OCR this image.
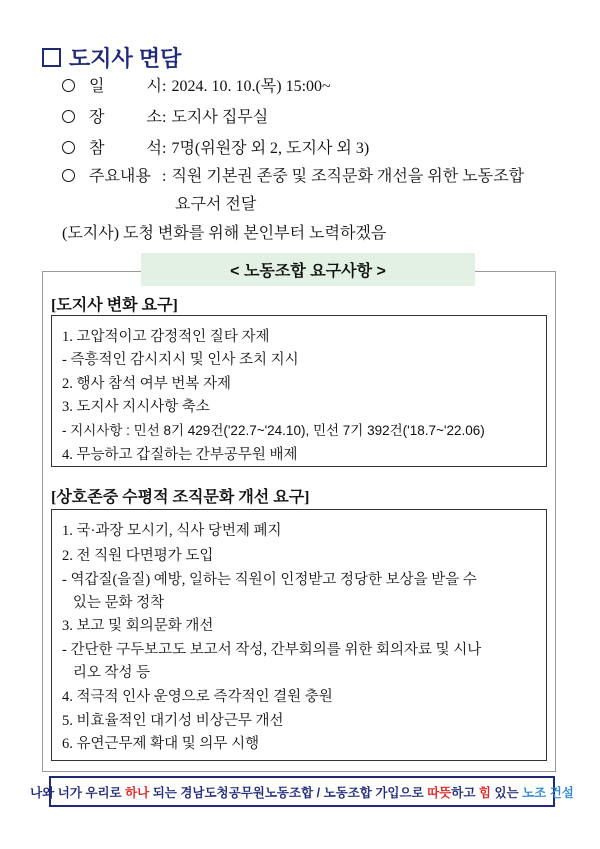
도지사 면담
일	시 : 2024. 10. 10.(목) 15:00~
장	소 : 도지사 집무실
참	석 : 7명(위원장 외 2, 도지사 외 3)
주요내용 : 직원 기본권 존중 및 조직문화 개선을 위한 노동조합
요구서 전달
(도지사) 도청 변화를 위해 본인부터 노력하겠음
< 노동조합 요구사항 >
[도지사 변화 요구]
1. 고압적이고 감정적인 질타 자제
- 즉흥적인 감시지시 및 인사 조치 지시
2. 행사 참석 여부 번복 자제
3. 도지사 지시사항 축소
- 지시사항 : 민선 8기 429건('22.7~'24.10), 민선 7기 392건('18.7~'22.06)
4. 무능하고 갑질하는 간부공무원 배제
[상호존중 수평적 조직문화 개선 요구]
1. 국·과장 모시기, 식사 당번제 폐지
2. 전 직원 다면평가 도입
- 역갑질(을질) 예방, 일하는 직원이 인정받고 정당한 보상을 받을 수
있는 문화 정착
3. 보고 및 회의문화 개선
- 간단한 구두보고도 보고서 작성, 간부회의를 위한 회의자료 및 시나
리오 작성 등
4. 적극적 인사 운영으로 즉각적인 결원 충원
5. 비효율적인 대기성 비상근무 개선
6. 유연근무제 확대 및 의무 시행
나와 너가 우리로 하나 되는 경남도청공무원노동조합 / 노동조합 가입으로 따뜻 하고 힘 있는 노조 건설
